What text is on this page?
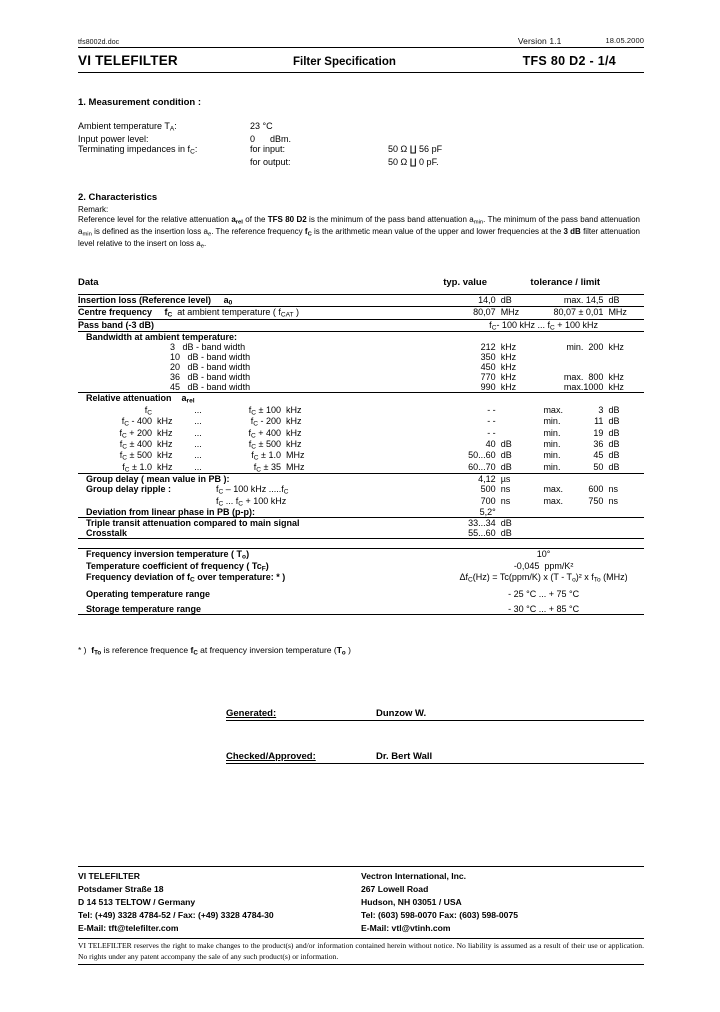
tfs8002d.doc	Version 1.1	18.05.2000
VI TELEFILTER	Filter Specification	TFS 80 D2 - 1/4
1. Measurement condition :
Ambient temperature $T_A$:	23 °C		
Input power level:	0      dBm.		
Terminating impedances in $f_C$:	for input:		50 Ω ∐ 56 pF
	for output:		50 Ω ∐ 0 pF.
2. Characteristics
Remark:
Reference level for the relative attenuation $a_{rel}$ of the TFS 80 D2 is the minimum of the pass band attenuation $a_{min}$. The minimum of the pass band attenuation $a_{min}$ is defined as the insertion loss $a_e$. The reference frequency $f_C$ is the arithmetic mean value of the upper and lower frequencies at the 3 dB filter attenuation level relative to the insert on loss $a_e$.
Data	typ. value		tolerance / limit	
Insertion loss (Reference level)     $a_0$	14,0	dB	max. 14,5	dB
Centre frequency $f_C$  at ambient temperature ( $f_{CAT}$ )	80,07	MHz	80,07 ± 0,01	MHz
Pass band (-3 dB)	$f_C-$ 100 kHz ... $f_C + 100$ kHz			
Bandwidth at ambient temperature:				
3 dB - band width	212	kHz	min. 200	kHz
10 dB - band width	350	kHz		
20 dB - band width	450	kHz		
36 dB - band width	770	kHz	max. 800	kHz
45 dB - band width	990	kHz	max.1000	kHz
Relative attenuation    $a_{rel}$

$f_C$ ... $f_C \pm 100$ kHz	- -		max. 3	dB

$f_C - 400$ kHz ... $f_C - 200$ kHz	- -		min. 11	dB

$f_C + 200$ kHz ... $f_C + 400$ kHz	- -		min. 19	dB

$f_C \pm 400$ kHz ... $f_C \pm 500$ kHz	40	dB	min. 36	dB

$f_C \pm 500$ kHz ... $f_C \pm 1.0$ MHz	50...60	dB	min. 45	dB

$f_C \pm 1.0$ kHz ... $f_C \pm 35$ MHz	60...70	dB	min. 50	dB
Group delay ( mean value in PB ):	4,12	µs		

Group delay ripple : $f_C - 100$ kHz $.....f_C$	500	ns	max. 600	ns

$f_C$ ... $f_C + 100$ kHz	700	ns	max. 750	ns
Deviation from linear phase in PB (p-p):	5,2°			
Triple transit attenuation compared to main signal	33...34	dB		
Crosstalk	55...60	dB		

Frequency inversion temperature ( $T_o$)	10°			
Temperature coefficient of frequency ( $Tc_F$)	-0,045 ppm/K²			
Frequency deviation of $f_C$ over temperature: * )	$\Delta f_C(Hz) = Tc(ppm/K)$ x $(T - T_o)^2$ x $f_{To}$ (MHz)			

Operating temperature range	- 25 °C ... + 75 °C			

Storage temperature range	- 30 °C ... + 85 °C			
* )  $f_{To}$ is reference frequence $f_C$ at frequency inversion temperature ($T_o$ )
Generated:	Dunzow W.
Checked/Approved:	Dr. Bert Wall
VI TELEFILTER
Potsdamer Straße 18
D 14 513 TELTOW / Germany
Tel: (+49) 3328 4784-52 / Fax: (+49) 3328 4784-30
E-Mail: tft@telefilter.com
Vectron International, Inc.
267 Lowell Road
Hudson, NH 03051 / USA
Tel: (603) 598-0070 Fax: (603) 598-0075
E-Mail: vtl@vtinh.com
VI TELEFILTER reserves the right to make changes to the product(s) and/or information contained herein without notice. No liability is assumed as a result of their use or application. No rights under any patent accompany the sale of any such product(s) or information.
